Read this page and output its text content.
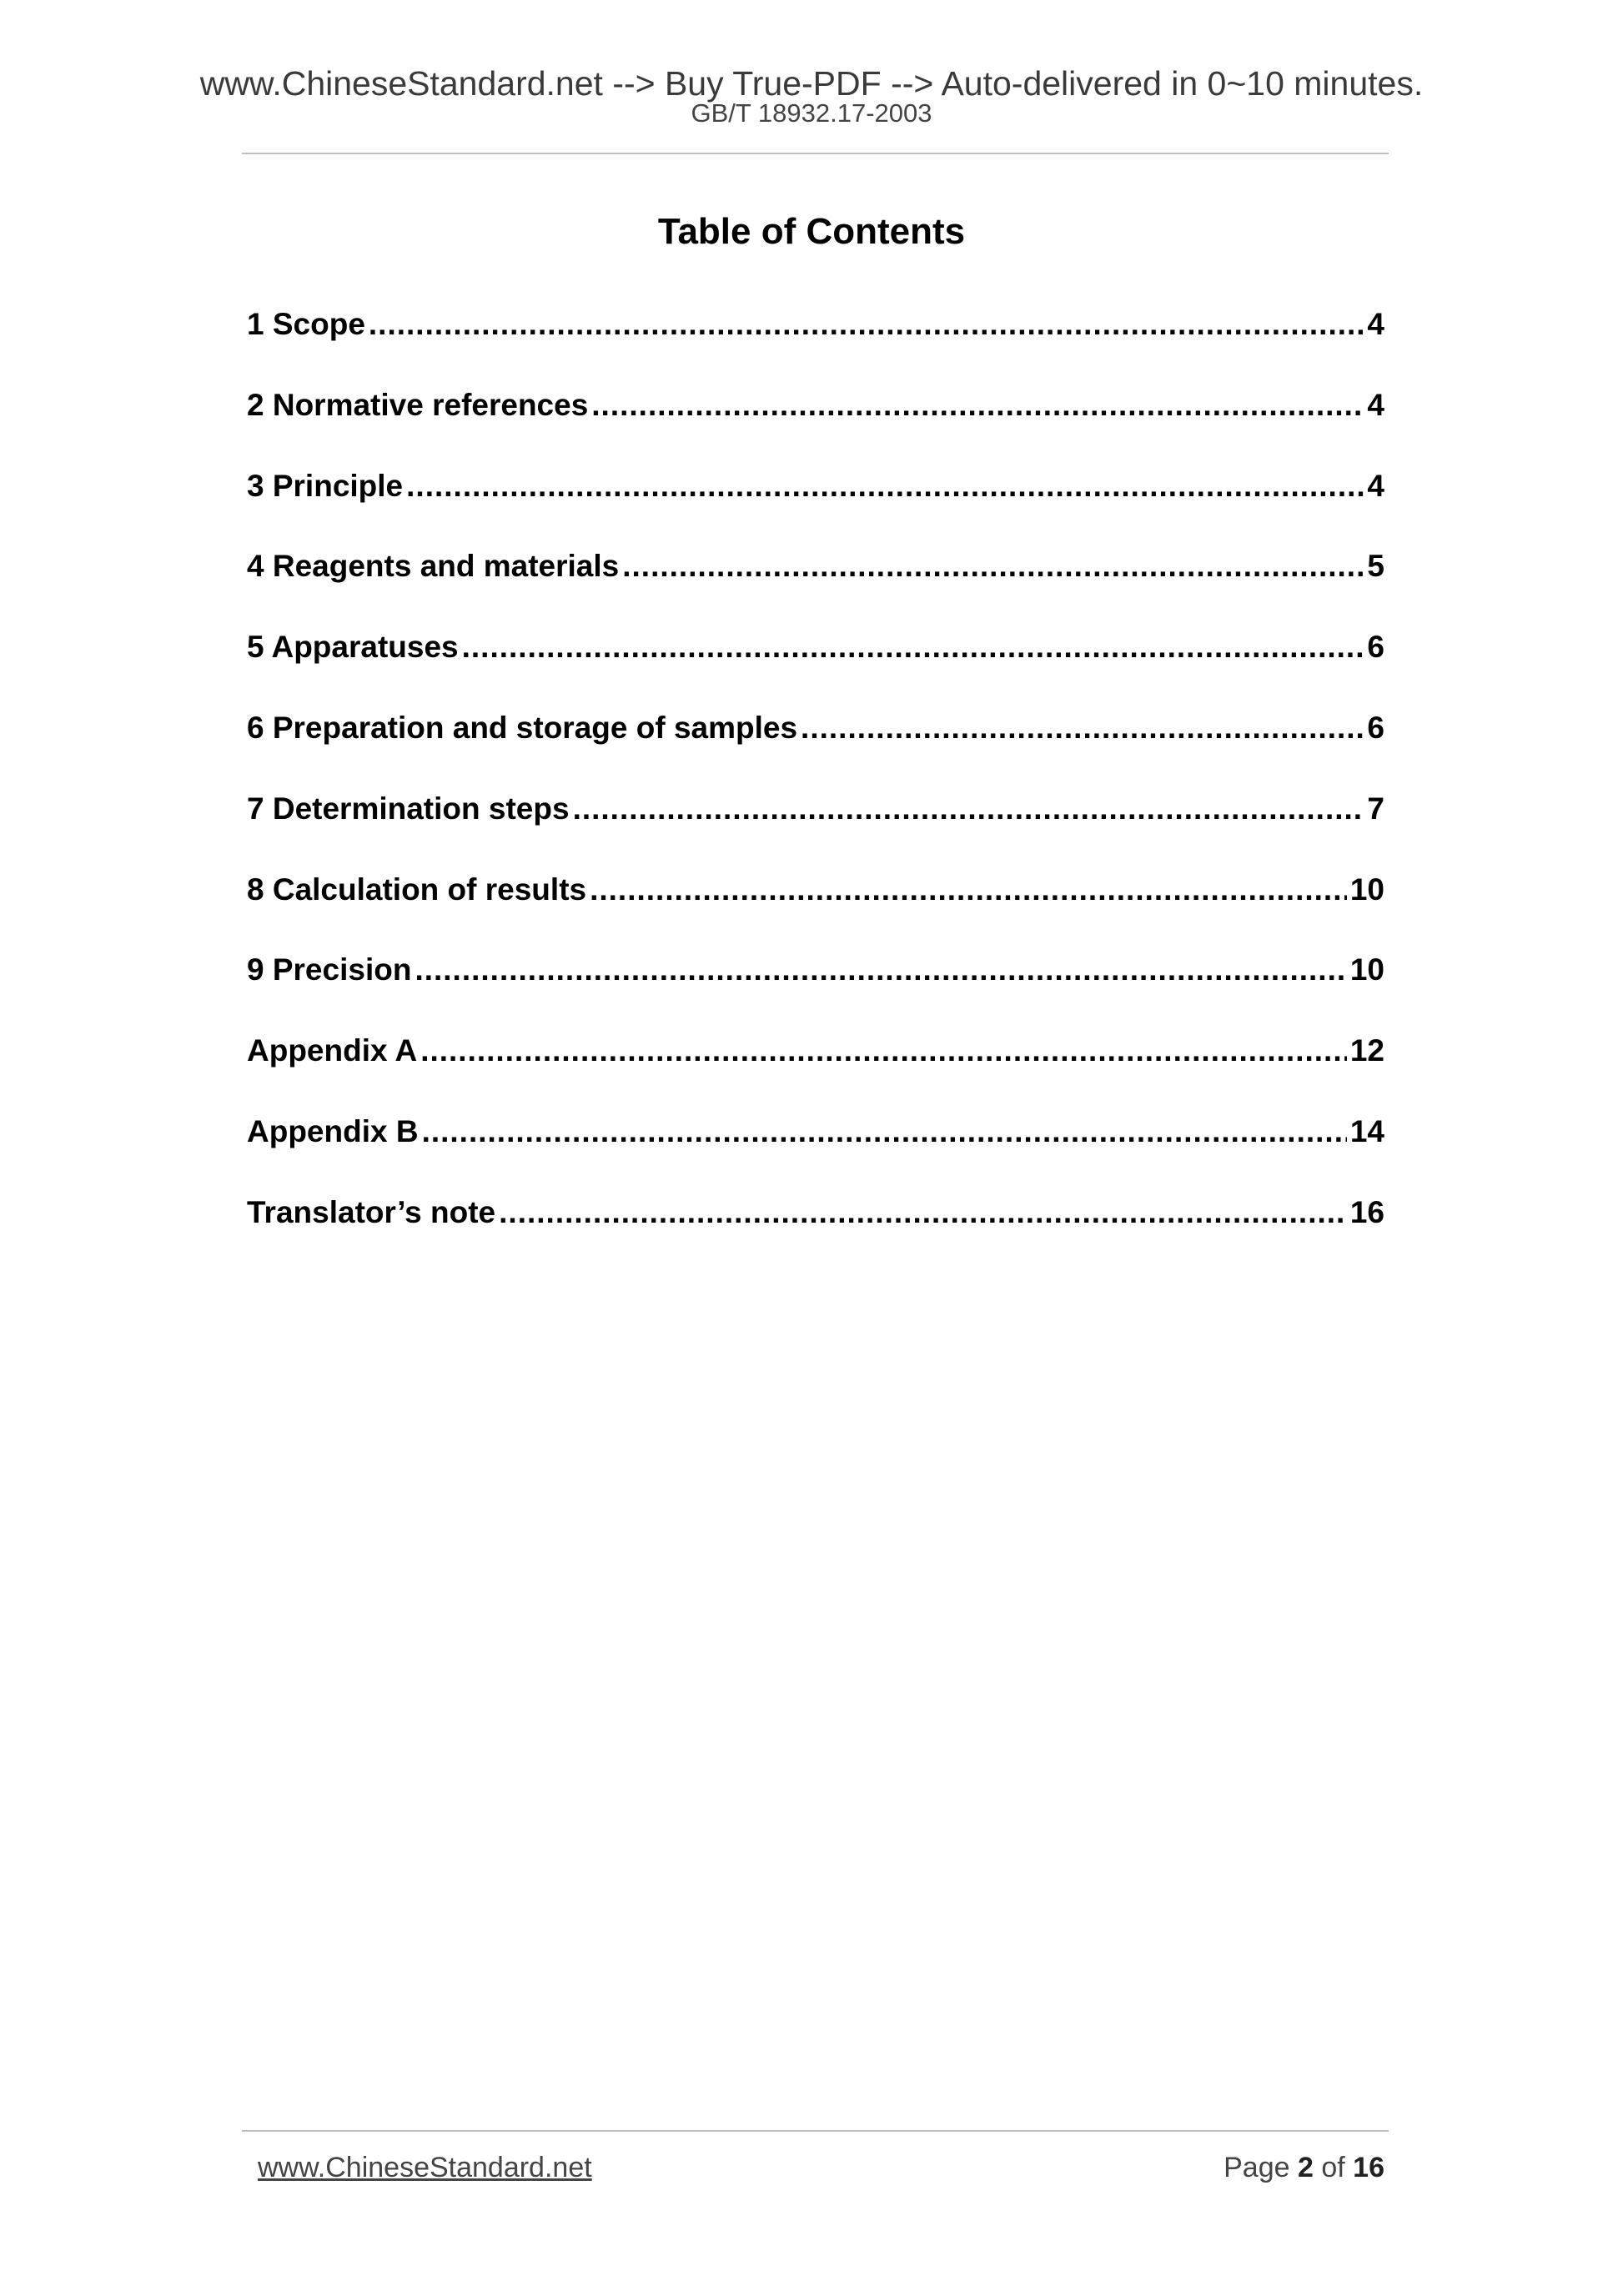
www.ChineseStandard.net --> Buy True-PDF --> Auto-delivered in 0~10 minutes.
GB/T 18932.17-2003
Table of Contents
1 Scope .....	4
2 Normative references .....	4
3 Principle .....	4
4 Reagents and materials .....	5
5 Apparatuses .....	6
6 Preparation and storage of samples .....	6
7 Determination steps .....	7
8 Calculation of results .....	10
9 Precision .....	10
Appendix A .....	12
Appendix B .....	14
Translator’s note .....	16
www.ChineseStandard.net	Page 2 of 16
